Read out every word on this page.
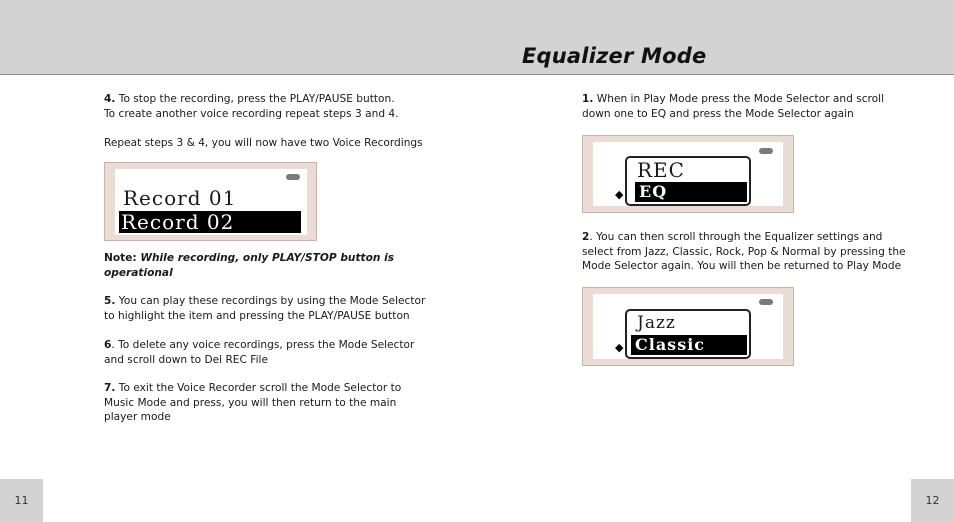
Equalizer Mode
4. To stop the recording, press the PLAY/PAUSE button.
To create another voice recording repeat steps 3 and 4.
Repeat steps 3 & 4, you will now have two Voice Recordings
Record 01
Record 02
Note: While recording, only PLAY/STOP button is
operational
5. You can play these recordings by using the Mode Selector
to highlight the item and pressing the PLAY/PAUSE button
6. To delete any voice recordings, press the Mode Selector
and scroll down to Del REC File
7. To exit the Voice Recorder scroll the Mode Selector to
Music Mode and press, you will then return to the main
player mode
1. When in Play Mode press the Mode Selector and scroll
down one to EQ and press the Mode Selector again
REC
◆ EQ
2. You can then scroll through the Equalizer settings and
select from Jazz, Classic, Rock, Pop & Normal by pressing the
Mode Selector again. You will then be returned to Play Mode
Jazz
◆ Classic
11	12
